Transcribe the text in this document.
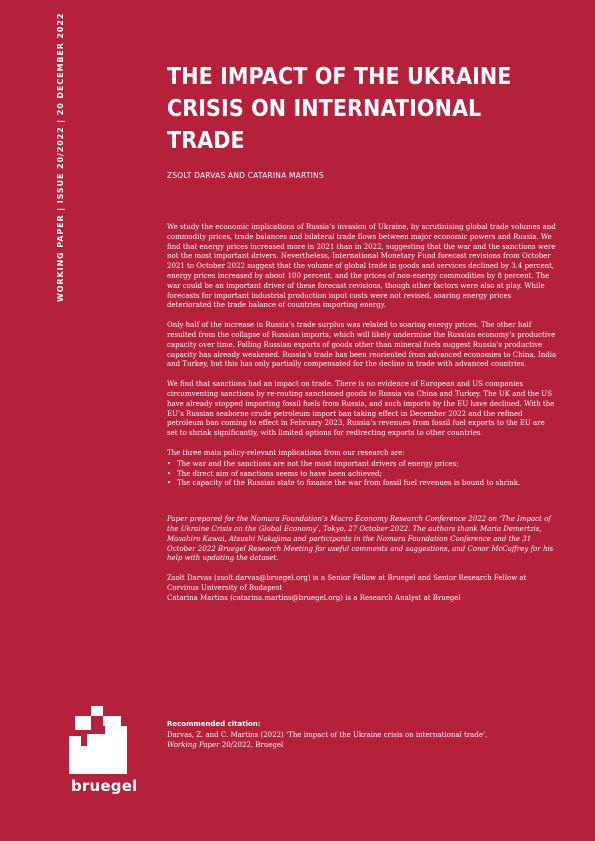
WORKING PAPER | ISSUE 20/2022 | 20 DECEMBER 2022	THE IMPACT OF THE UKRAINE
CRISIS ON INTERNATIONAL TRADE
ZSOLT DARVAS AND CATARINA MARTINS

We study the economic implications of Russia’s invasion of Ukraine, by scrutinising global trade volumes and commodity prices, trade balances and bilateral trade flows between major economic powers and Russia. We find that energy prices increased more in 2021 than in 2022, suggesting that the war and the sanctions were not the most important drivers. Nevertheless, International Monetary Fund forecast revisions from October 2021 to October 2022 suggest that the volume of global trade in goods and services declined by 3.4 percent, energy prices increased by about 100 percent, and the prices of non-energy commodities by 8 percent. The war could be an important driver of these forecast revisions, though other factors were also at play. While forecasts for important industrial production input costs were not revised, soaring energy prices deteriorated the trade balance of countries importing energy.

Only half of the increase in Russia’s trade surplus was related to soaring energy prices. The other half resulted from the collapse of Russian imports, which will likely undermine the Russian economy’s productive capacity over time. Falling Russian exports of goods other than mineral fuels suggest Russia’s productive capacity has already weakened. Russia’s trade has been reoriented from advanced economies to China, India and Turkey, but this has only partially compensated for the decline in trade with advanced countries.

We find that sanctions had an impact on trade. There is no evidence of European and US companies circumventing sanctions by re-routing sanctioned goods to Russia via China and Turkey. The UK and the US have already stopped importing fossil fuels from Russia, and such imports by the EU have declined. With the EU’s Russian seaborne crude petroleum import ban taking effect in December 2022 and the refined petroleum ban coming to effect in February 2023, Russia’s revenues from fossil fuel exports to the EU are set to shrink significantly, with limited options for redirecting exports to other countries.

The three main policy-relevant implications from our research are:

• The war and the sanctions are not the most important drivers of energy prices;
• The direct aim of sanctions seems to have been achieved;
• The capacity of the Russian state to finance the war from fossil fuel revenues is bound to shrink.

Paper prepared for the Nomura Foundation’s Macro Economy Research Conference 2022 on ‘The Impact of the Ukraine Crisis on the Global Economy’, Tokyo, 27 October 2022. The authors thank Maria Demertzis, Masahiro Kawai, Atsushi Nakajima and participants in the Nomura Foundation Conference and the 31 October 2022 Bruegel Research Meeting for useful comments and suggestions, and Conor McCaffrey for his help with updating the dataset.

Zsolt Darvas (zsolt.darvas@bruegel.org) is a Senior Fellow at Bruegel and Senior Research Fellow at Corvinus University of Budapest
Catarina Martins (catarina.martins@bruegel.org) is a Research Analyst at Bruegel

Recommended citation:
Darvas, Z. and C. Martins (2022) ‘The impact of the Ukraine crisis on international trade’,
Working Paper 20/2022, Bruegel
bruegel
